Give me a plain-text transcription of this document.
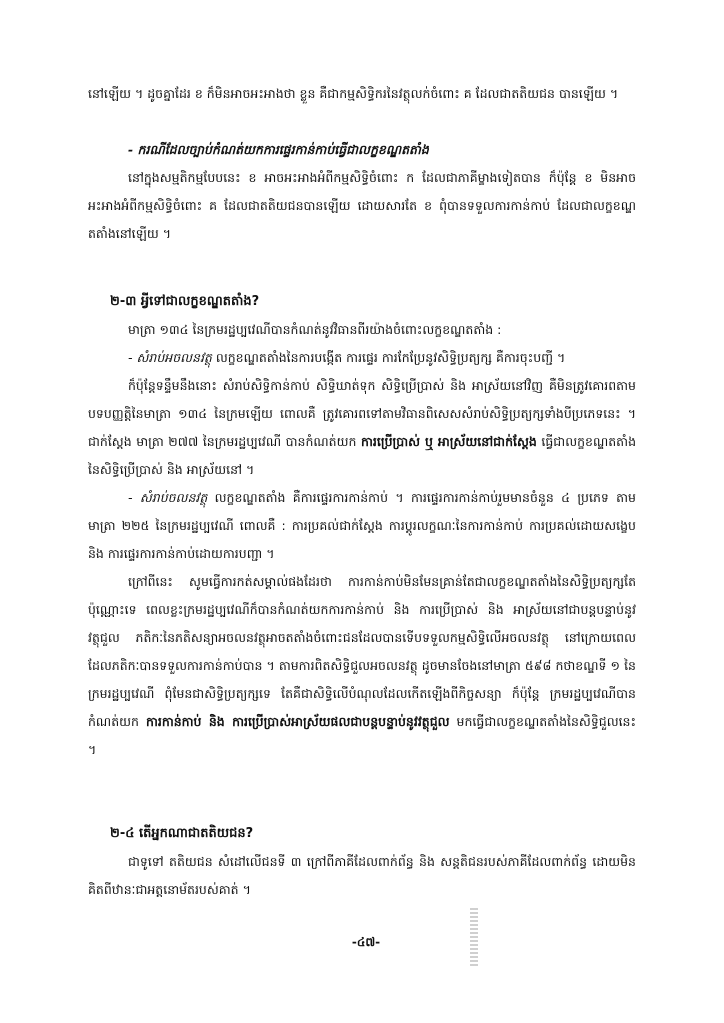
នៅឡើយ ។ ដូចគ្នាដែរ ខ ក៏មិនអាចអះអាងថា ខ្លួន គឺជាកម្មសិទ្ធិករនៃវត្ថុលក់ចំពោះ គ ដែលជាតតិយជន បានឡើយ ។

- ករណីដែលច្បាប់កំណត់យកការផ្ទេរកាន់កាប់ធ្វើជាលក្ខខណ្ឌតតាំង

នៅក្នុងសម្មតិកម្មបែបនេះ ខ អាចអះអាងអំពីកម្មសិទ្ធិចំពោះ ក ដែលជាភាគីម្ខាងទៀតបាន ក៏ប៉ុន្តែ ខ មិនអាចអះអាងអំពីកម្មសិទ្ធិចំពោះ គ ដែលជាតតិយជនបានឡើយ ដោយសារតែ ខ ពុំបានទទួលការកាន់កាប់ ដែលជាលក្ខខណ្ឌតតាំងនៅឡើយ ។

២-៣ អ្វីទៅជាលក្ខខណ្ឌតតាំង?

មាត្រា ១៣៤ នៃក្រមរដ្ឋប្បវេណីបានកំណត់នូវវិធានពីរយ៉ាងចំពោះលក្ខខណ្ឌតតាំង :

- សំរាប់អចលនវត្ថុ លក្ខខណ្ឌតតាំងនៃការបង្កើត ការផ្ទេរ ការកែប្រែនូវសិទ្ធិប្រត្យក្ស គឺការចុះបញ្ជី ។

ក៏ប៉ុន្តែទន្ទឹមនឹងនោះ សំរាប់សិទ្ធិកាន់កាប់ សិទ្ធិឃាត់ទុក សិទ្ធិប្រើប្រាស់ និង អាស្រ័យនៅវិញ គឺមិនត្រូវគោរពតាមបទបញ្ញត្តិនៃមាត្រា ១៣៤ នៃក្រមឡើយ ពោលគឺ ត្រូវគោរពទៅតាមវិធានពិសេសសំរាប់សិទ្ធិប្រត្យក្សទាំងបីប្រភេទនេះ ។ ជាក់ស្តែង មាត្រា ២៧៧ នៃក្រមរដ្ឋប្បវេណី បានកំណត់យក ការប្រើប្រាស់ ឬ អាស្រ័យនៅជាក់ស្តែង ធ្វើជាលក្ខខណ្ឌតតាំងនៃសិទ្ធិប្រើប្រាស់ និង អាស្រ័យនៅ ។

- សំរាប់ចលនវត្ថុ លក្ខខណ្ឌតតាំង គឺការផ្ទេរការកាន់កាប់ ។ ការផ្ទេរការកាន់កាប់រួមមានចំនួន ៤ ប្រភេទ តាមមាត្រា ២២៥ នៃក្រមរដ្ឋប្បវេណី ពោលគឺ : ការប្រគល់ជាក់ស្តែង ការប្តូរលក្ខណៈនៃការកាន់កាប់ ការប្រគល់ដោយសង្ខេប និង ការផ្ទេរការកាន់កាប់ដោយការបញ្ជា ។

ក្រៅពីនេះ សូមធ្វើការកត់សម្គាល់ផងដែរថា ការកាន់កាប់មិនមែនគ្រាន់តែជាលក្ខខណ្ឌតតាំងនៃសិទ្ធិប្រត្យក្សតែប៉ុណ្ណោះទេ ពេលខ្លះក្រមរដ្ឋប្បវេណីក៏បានកំណត់យកការកាន់កាប់ និង ការប្រើប្រាស់ និង អាស្រ័យនៅជាបន្តបន្ទាប់នូវវត្ថុជួល ភតិកៈនៃភតិសន្យាអចលនវត្ថុអាចតតាំងចំពោះជនដែលបានទើបទទួលកម្មសិទ្ធិលើអចលនវត្ថុ នៅក្រោយពេលដែលភតិកៈបានទទួលការកាន់កាប់បាន ។ តាមការពិតសិទ្ធិជួលអចលនវត្ថុ ដូចមានចែងនៅមាត្រា ៥៩៨ កថាខណ្ឌទី ១ នៃក្រមរដ្ឋប្បវេណី ពុំមែនជាសិទ្ធិប្រត្យក្សទេ តែគឺជាសិទ្ធិលើបំណុលដែលកើតឡើងពីកិច្ចសន្យា ក៏ប៉ុន្តែ ក្រមរដ្ឋប្បវេណីបានកំណត់យក ការកាន់កាប់ និង ការប្រើប្រាស់អាស្រ័យផលជាបន្តបន្ទាប់នូវវត្ថុជួល មកធ្វើជាលក្ខខណ្ឌតតាំងនៃសិទ្ធិជួលនេះ ។

២-៤ តើអ្នកណាជាតតិយជន?

ជាទូទៅ តតិយជន សំដៅលើជនទី ៣ ក្រៅពីភាគីដែលពាក់ព័ន្ធ និង សន្តតិជនរបស់ភាគីដែលពាក់ព័ន្ធ ដោយមិនគិតពីឋានៈជាអត្តនោម័តរបស់គាត់ ។

-៤៧-
